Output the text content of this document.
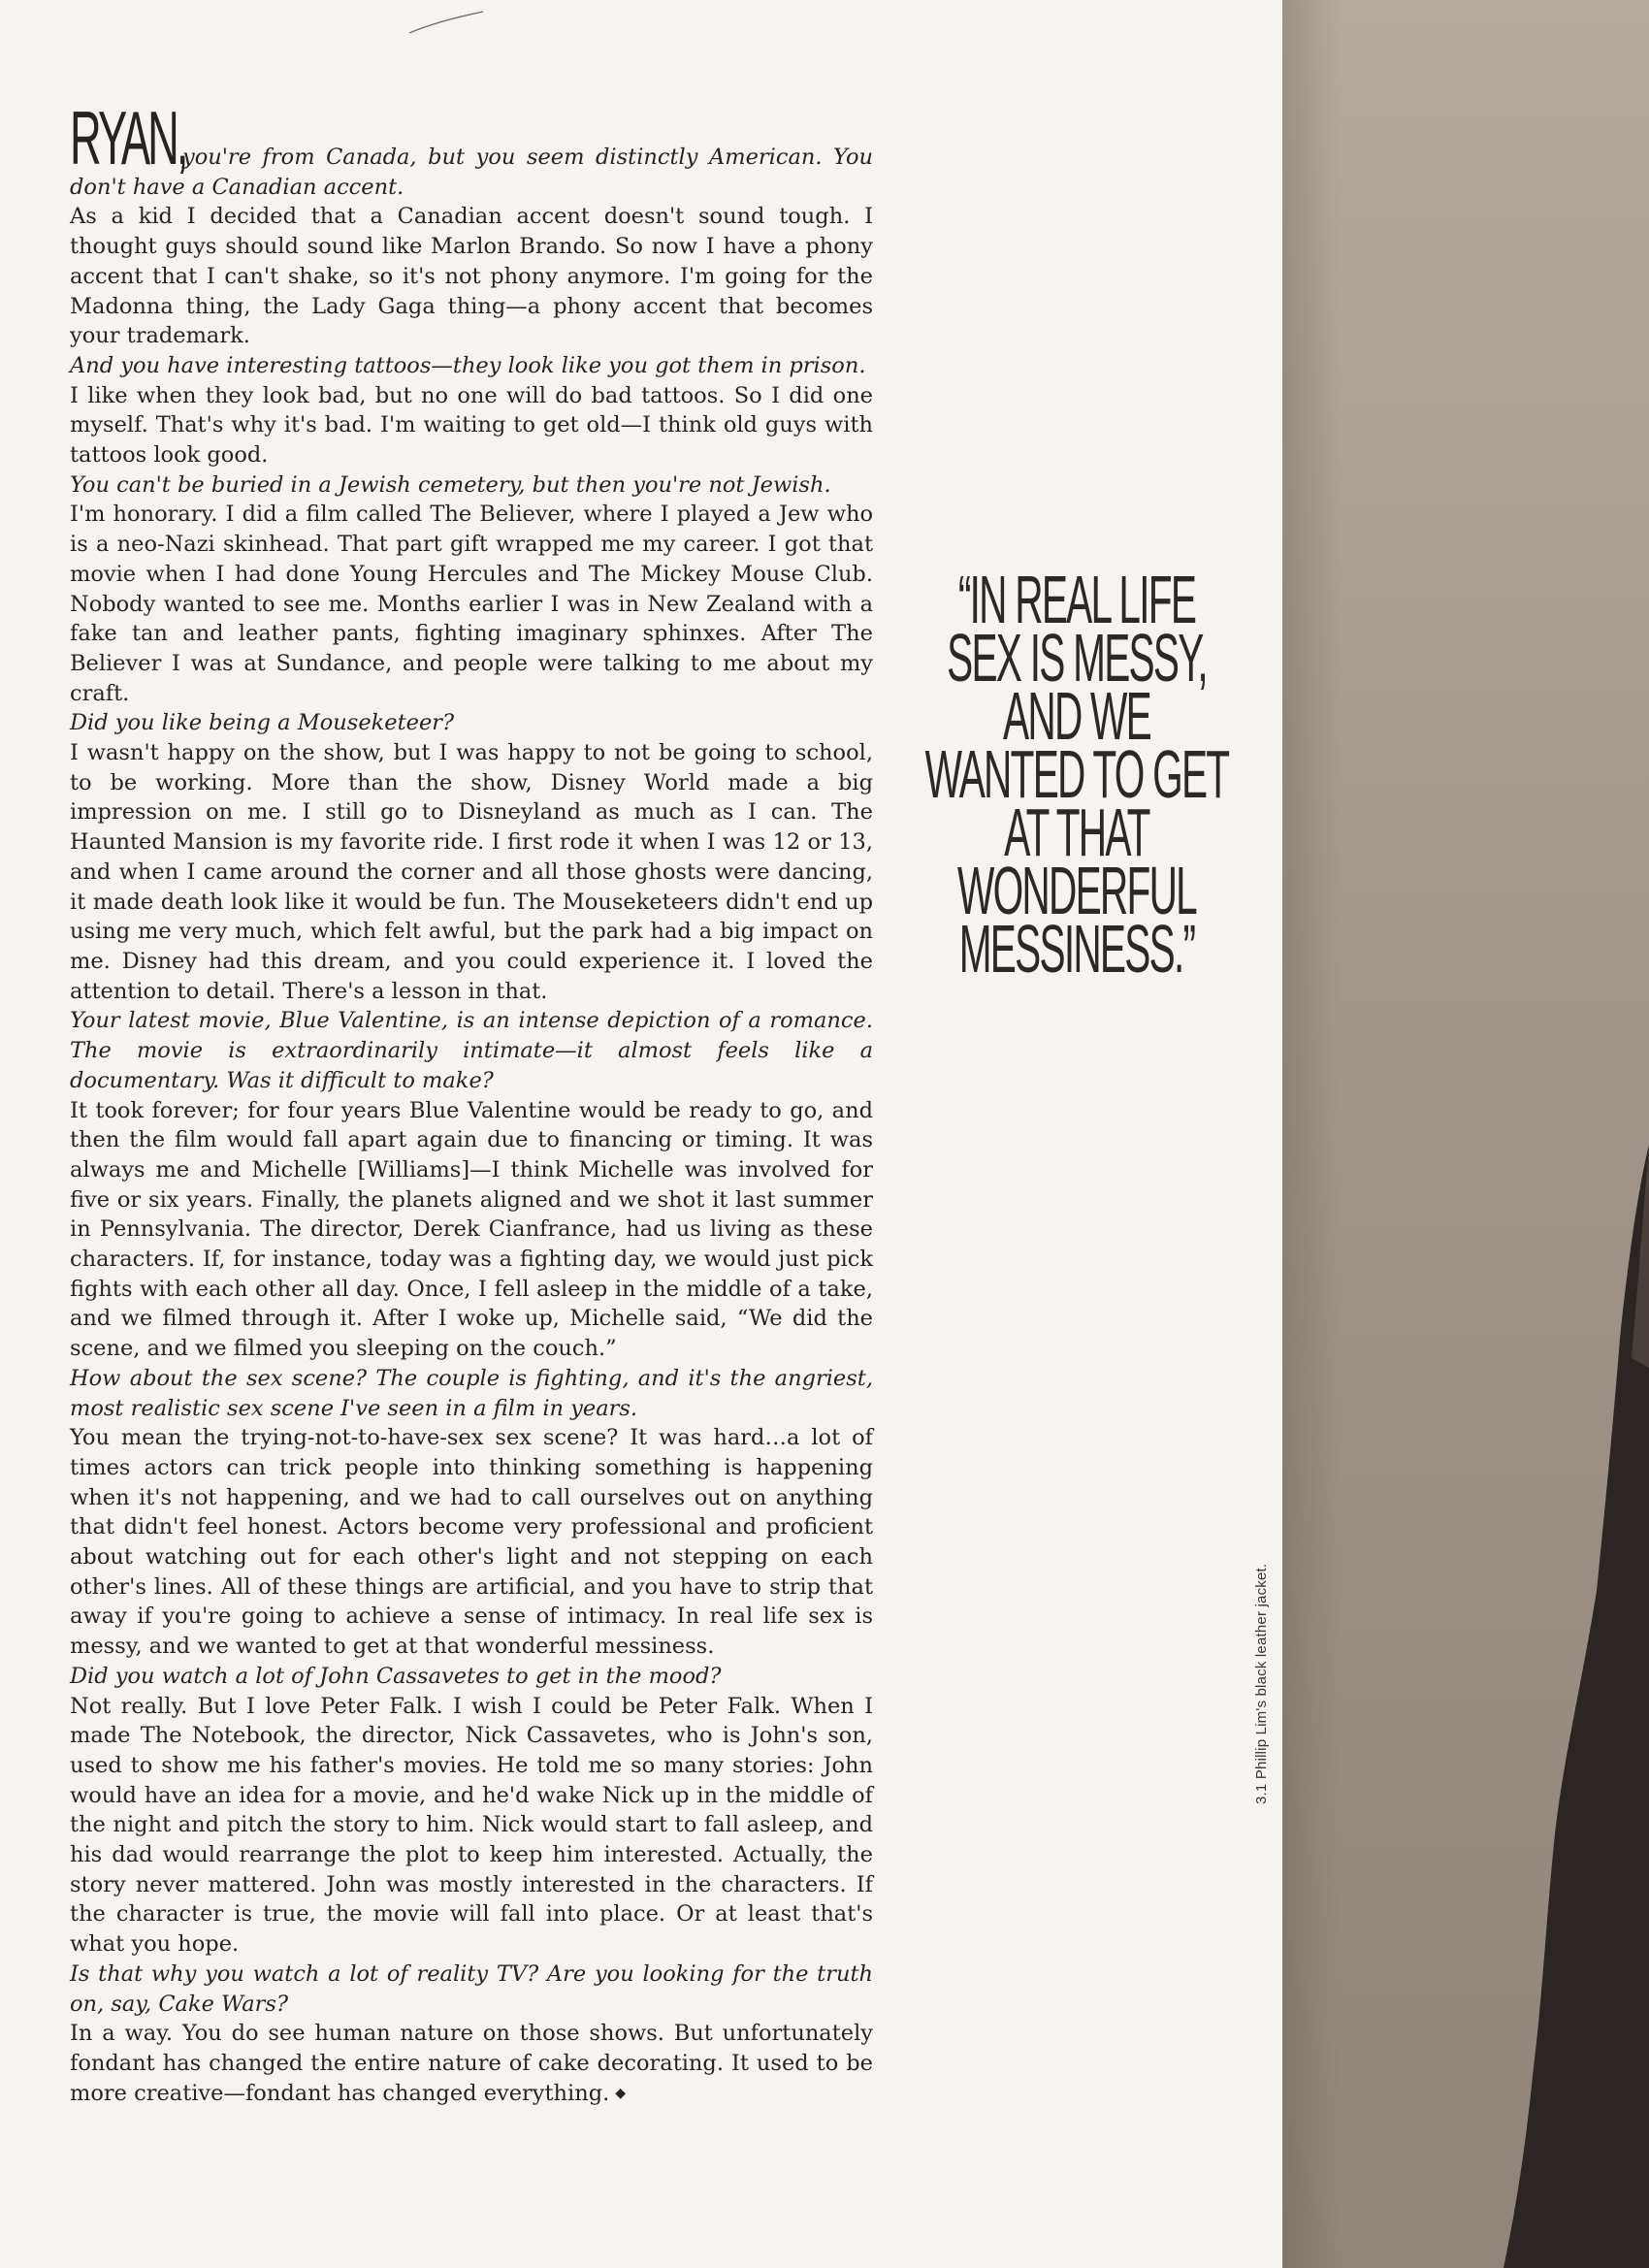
RYAN,you're from Canada, but you seem distinctly American. You don't have a Canadian accent.

As a kid I decided that a Canadian accent doesn't sound tough. I thought guys should sound like Marlon Brando. So now I have a phony accent that I can't shake, so it's not phony anymore. I'm going for the Madonna thing, the Lady Gaga thing—a phony accent that becomes your trademark.

And you have interesting tattoos—they look like you got them in prison.

I like when they look bad, but no one will do bad tattoos. So I did one myself. That's why it's bad. I'm waiting to get old—I think old guys with tattoos look good.

You can't be buried in a Jewish cemetery, but then you're not Jewish.

I'm honorary. I did a film called The Believer, where I played a Jew who is a neo-Nazi skinhead. That part gift wrapped me my career. I got that movie when I had done Young Hercules and The Mickey Mouse Club. Nobody wanted to see me. Months earlier I was in New Zealand with a fake tan and leather pants, fighting imaginary sphinxes. After The Believer I was at Sundance, and people were talking to me about my craft.

Did you like being a Mouseketeer?

I wasn't happy on the show, but I was happy to not be going to school, to be working. More than the show, Disney World made a big impression on me. I still go to Disneyland as much as I can. The Haunted Mansion is my favorite ride. I first rode it when I was 12 or 13, and when I came around the corner and all those ghosts were dancing, it made death look like it would be fun. The Mouseketeers didn't end up using me very much, which felt awful, but the park had a big impact on me. Disney had this dream, and you could experience it. I loved the attention to detail. There's a lesson in that.

Your latest movie, Blue Valentine, is an intense depiction of a romance. The movie is extraordinarily intimate—it almost feels like a documentary. Was it difficult to make?

It took forever; for four years Blue Valentine would be ready to go, and then the film would fall apart again due to financing or timing. It was always me and Michelle [Williams]—I think Michelle was involved for five or six years. Finally, the planets aligned and we shot it last summer in Pennsylvania. The director, Derek Cianfrance, had us living as these characters. If, for instance, today was a fighting day, we would just pick fights with each other all day. Once, I fell asleep in the middle of a take, and we filmed through it. After I woke up, Michelle said, “We did the scene, and we filmed you sleeping on the couch.”

How about the sex scene? The couple is fighting, and it's the angriest, most realistic sex scene I've seen in a film in years.

You mean the trying-not-to-have-sex sex scene? It was hard…a lot of times actors can trick people into thinking something is happening when it's not happening, and we had to call ourselves out on anything that didn't feel honest. Actors become very professional and proficient about watching out for each other's light and not stepping on each other's lines. All of these things are artificial, and you have to strip that away if you're going to achieve a sense of intimacy. In real life sex is messy, and we wanted to get at that wonderful messiness.

Did you watch a lot of John Cassavetes to get in the mood?

Not really. But I love Peter Falk. I wish I could be Peter Falk. When I made The Notebook, the director, Nick Cassavetes, who is John's son, used to show me his father's movies. He told me so many stories: John would have an idea for a movie, and he'd wake Nick up in the middle of the night and pitch the story to him. Nick would start to fall asleep, and his dad would rearrange the plot to keep him interested. Actually, the story never mattered. John was mostly interested in the characters. If the character is true, the movie will fall into place. Or at least that's what you hope.

Is that why you watch a lot of reality TV? Are you looking for the truth on, say, Cake Wars?

In a way. You do see human nature on those shows. But unfortunately fondant has changed the entire nature of cake decorating. It used to be more creative—fondant has changed everything. ◆

“IN REAL LIFE SEX IS MESSY, AND WE WANTED TO GET AT THAT WONDERFUL MESSINESS.”
3.1 Phillip Lim's black leather jacket.
